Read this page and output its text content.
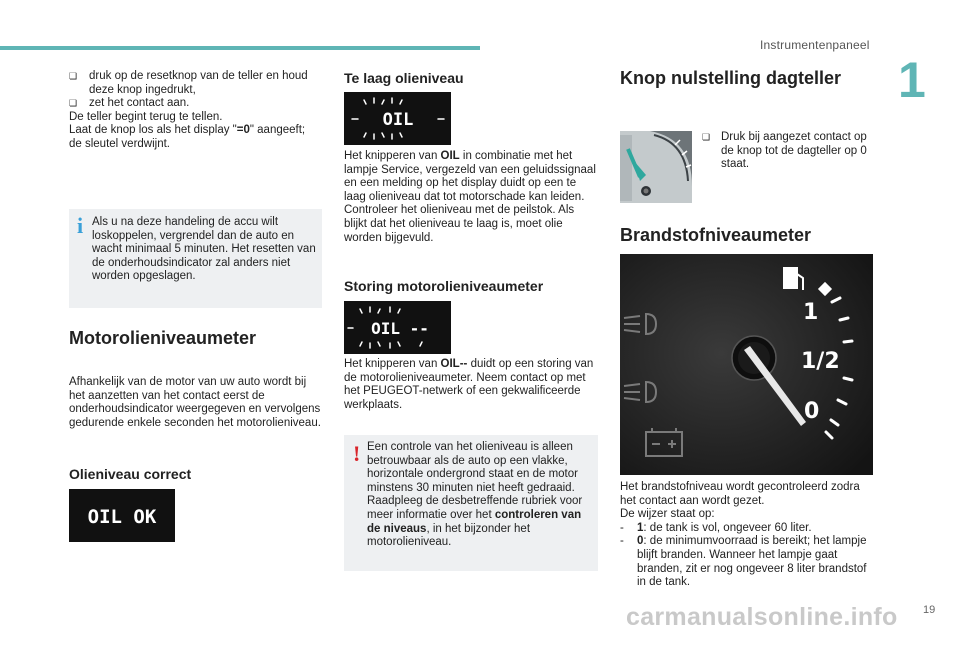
Instrumentenpaneel
1

❏ druk op de resetknop van de teller en houd deze knop ingedrukt,

❏ zet het contact aan.

De teller begint terug te tellen.

Laat de knop los als het display "=0" aangeeft; de sleutel verdwijnt.

i Als u na deze handeling de accu wilt loskoppelen, vergrendel dan de auto en wacht minimaal 5 minuten. Het resetten van de onderhoudsindicator zal anders niet worden opgeslagen.
Motorolieniveaumeter
Afhankelijk van de motor van uw auto wordt bij het aanzetten van het contact eerst de onderhoudsindicator weergegeven en vervolgens gedurende enkele seconden het motorolieniveau.
Olieniveau correct
OIL OK
Te laag olieniveau
OIL

Het knipperen van OIL in combinatie met het lampje Service, vergezeld van een geluidssignaal en een melding op het display duidt op een te laag olieniveau dat tot motorschade kan leiden.

Controleer het olieniveau met de peilstok. Als blijkt dat het olieniveau te laag is, moet olie worden bijgevuld.

Storing motorolieniveaumeter
OIL --

Het knipperen van OIL-- duidt op een storing van de motorolieniveaumeter. Neem contact op met het PEUGEOT-netwerk of een gekwalificeerde werkplaats.

! Een controle van het olieniveau is alleen betrouwbaar als de auto op een vlakke, horizontale ondergrond staat en de motor minstens 30 minuten niet heeft gedraaid. Raadpleeg de desbetreffende rubriek voor meer informatie over het controleren van de niveaus, in het bijzonder het motorolieniveau.
Knop nulstelling dagteller
❏ Druk bij aangezet contact op de knop tot de dagteller op 0 staat.
Brandstofniveaumeter
1
1/2
0

Het brandstofniveau wordt gecontroleerd zodra het contact aan wordt gezet.

De wijzer staat op:

- 1: de tank is vol, ongeveer 60 liter.

- 0: de minimumvoorraad is bereikt; het lampje blijft branden. Wanneer het lampje gaat branden, zit er nog ongeveer 8 liter brandstof in de tank.

19
carmanualsonline.info
